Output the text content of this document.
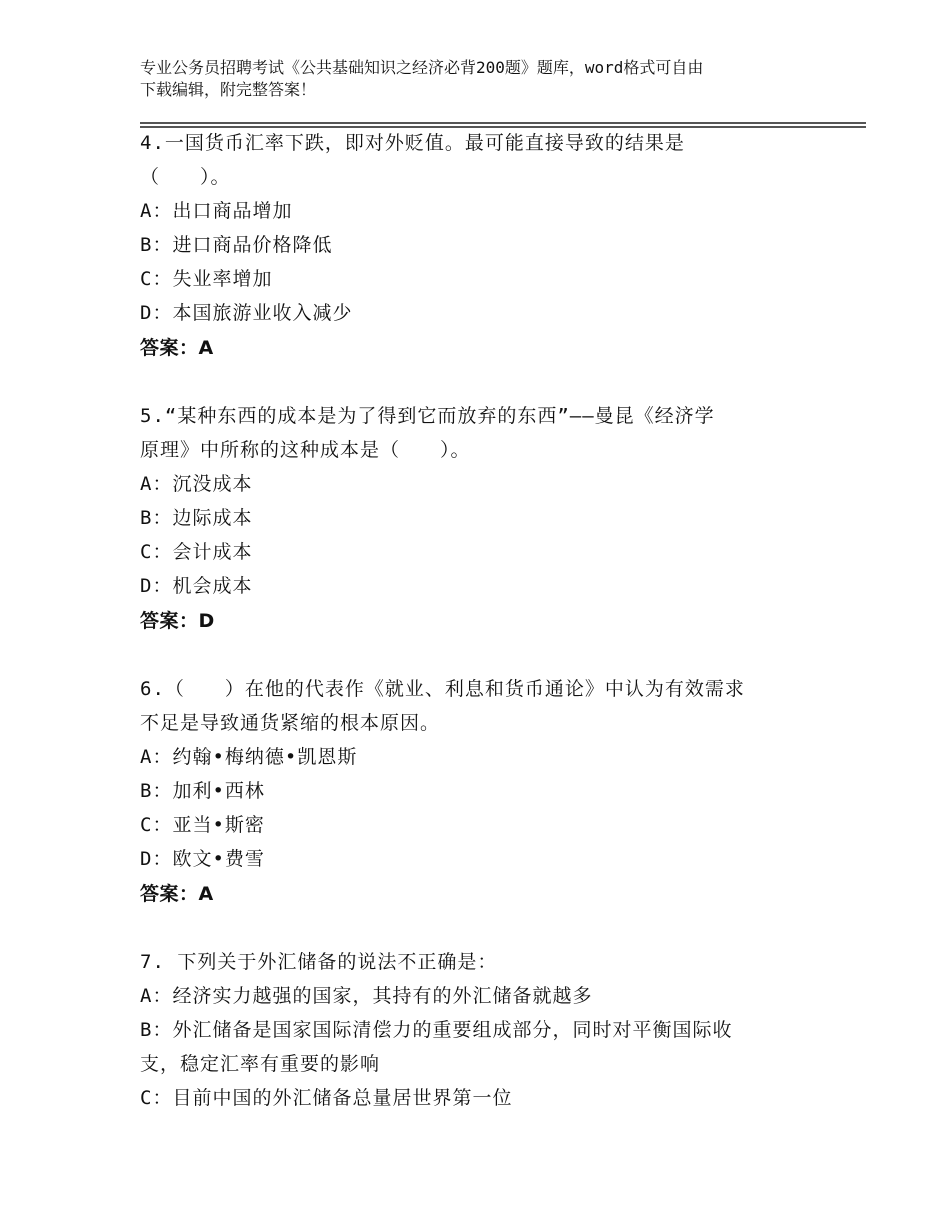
专业公务员招聘考试《公共基础知识之经济必背200题》题库，word格式可自由
下载编辑，附完整答案！
4.一国货币汇率下跌，即对外贬值。最可能直接导致的结果是
（　　）。
A：出口商品增加
B：进口商品价格降低
C：失业率增加
D：本国旅游业收入减少
答案：A
5.“某种东西的成本是为了得到它而放弃的东西”——曼昆《经济学
原理》中所称的这种成本是（　　）。
A：沉没成本
B：边际成本
C：会计成本
D：机会成本
答案：D
6.（　　）在他的代表作《就业、利息和货币通论》中认为有效需求
不足是导致通货紧缩的根本原因。
A：约翰•梅纳德•凯恩斯
B：加利•西林
C：亚当•斯密
D：欧文•费雪
答案：A
7. 下列关于外汇储备的说法不正确是：
A：经济实力越强的国家，其持有的外汇储备就越多
B：外汇储备是国家国际清偿力的重要组成部分，同时对平衡国际收
支，稳定汇率有重要的影响
C：目前中国的外汇储备总量居世界第一位
